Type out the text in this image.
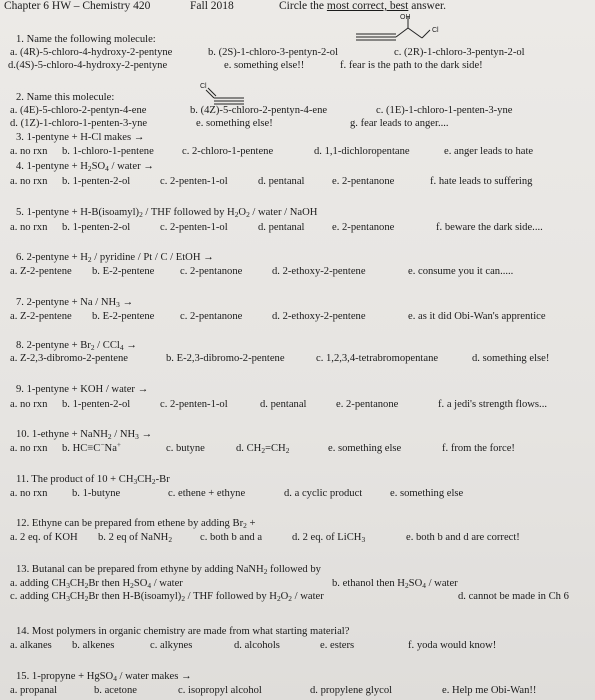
Chapter 6 HW – Chemistry 420	Fall 2018	Circle the most correct, best answer.
OH
Cl
1. Name the following molecule:
a. (4R)-5-chloro-4-hydroxy-2-pentyne	b. (2S)-1-chloro-3-pentyn-2-ol	c. (2R)-1-chloro-3-pentyn-2-ol
d.(4S)-5-chloro-4-hydroxy-2-pentyne	e. something else!!	f. fear is the path to the dark side!
Cl
2. Name this molecule:
a. (4E)-5-chloro-2-pentyn-4-ene	b. (4Z)-5-chloro-2-pentyn-4-ene	c. (1E)-1-chloro-1-penten-3-yne
d. (1Z)-1-chloro-1-penten-3-yne	e. something else!	g. fear leads to anger....
3. 1-pentyne + H-Cl makes →
a. no rxn b. 1-chloro-1-pentene	c. 2-chloro-1-pentene	d. 1,1-dichloropentane	e. anger leads to hate
4. 1-pentyne + $H_2SO_4$ / water →
a. no rxn b. 1-penten-2-ol	c. 2-penten-1-ol	d. pentanal	e. 2-pentanone	f. hate leads to suffering
5. 1-pentyne + $H-B(isoamyl)_2$ / THF followed by $H_2O_2$ / water / NaOH
a. no rxn b. 1-penten-2-ol	c. 2-penten-1-ol	d. pentanal	e. 2-pentanone	f. beware the dark side....
6. 2-pentyne + $H_2$ / pyridine / Pt / C / EtOH →
a. Z-2-pentene b. E-2-pentene c. 2-pentanone	d. 2-ethoxy-2-pentene	e. consume you it can.....
7. 2-pentyne + Na / $NH_3$ →
a. Z-2-pentene b. E-2-pentene c. 2-pentanone	d. 2-ethoxy-2-pentene	e. as it did Obi-Wan's apprentice
8. 2-pentyne + $Br_2 / CCl_4$ →
a. Z-2,3-dibromo-2-pentene	b. E-2,3-dibromo-2-pentene	c. 1,2,3,4-tetrabromopentane	d. something else!
9. 1-pentyne + KOH / water →
a. no rxn b. 1-penten-2-ol	c. 2-penten-1-ol	d. pentanal	e. 2-pentanone	f. a jedi's strength flows...
10. 1-ethyne + NaNH$_2$ / $NH_3$ →
a. no rxn b. HC≡C−Na+	c. butyne	d. $CH_2=CH_2$	e. something else	f. from the force!
11. The product of $10 + CH_3CH_2-Br$
a. no rxn b. 1-butyne	c. ethene + ethyne	d. a cyclic product	e. something else
12. Ethyne can be prepared from ethene by adding $Br_2$ +
a. 2 eq. of KOH b. 2 eq of NaNH$_2$	c. both b and a	d. 2 eq. of LiCH$_3$	e. both b and d are correct!
13. Butanal can be prepared from ethyne by adding NaNH$_2$ followed by
a. adding $CH_3CH_2Br$ then $H_2SO_4$ / water	b. ethanol then $H_2SO_4$ / water
c. adding $CH_3CH_2Br$ then $H-B(isoamyl)_2$ / THF followed by $H_2O_2$ / water	d. cannot be made in Ch 6
14. Most polymers in organic chemistry are made from what starting material?
a. alkanes b. alkenes	c. alkynes	d. alcohols	e. esters	f. yoda would know!
15. 1-propyne + HgSO$_4$ / water makes →
a. propanal	b. acetone	c. isopropyl alcohol	d. propylene glycol	e. Help me Obi-Wan!!
